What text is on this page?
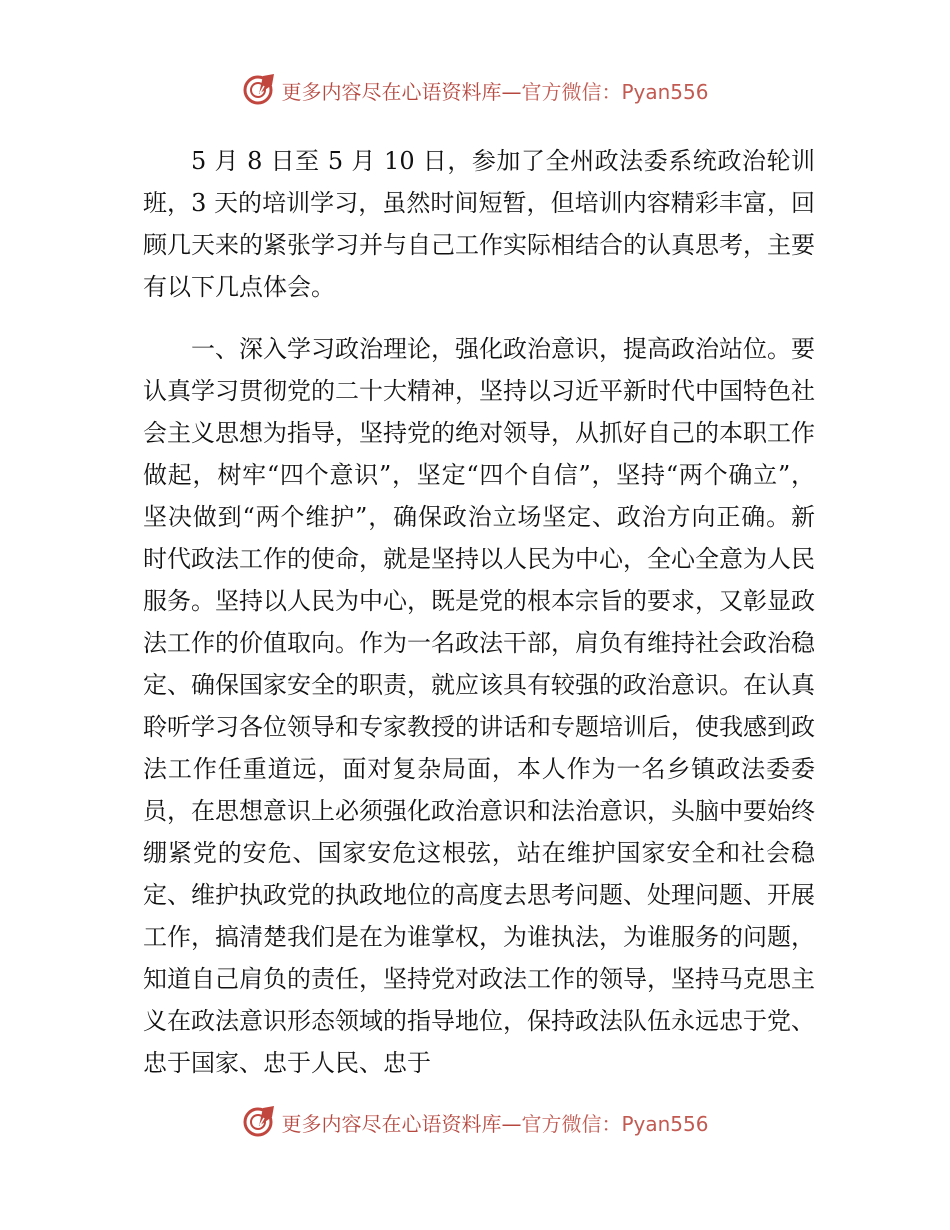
更多内容尽在心语资料库—官方微信：Pyan556

5 月 8 日至 5 月 10 日，参加了全州政法委系统政治轮训班，3 天的培训学习，虽然时间短暂，但培训内容精彩丰富，回顾几天来的紧张学习并与自己工作实际相结合的认真思考，主要有以下几点体会。

一、深入学习政治理论，强化政治意识，提高政治站位。要认真学习贯彻党的二十大精神，坚持以习近平新时代中国特色社会主义思想为指导，坚持党的绝对领导，从抓好自己的本职工作做起，树牢“四个意识”，坚定“四个自信”，坚持“两个确立”，坚决做到“两个维护”，确保政治立场坚定、政治方向正确。新时代政法工作的使命，就是坚持以人民为中心，全心全意为人民服务。坚持以人民为中心，既是党的根本宗旨的要求，又彰显政法工作的价值取向。作为一名政法干部，肩负有维持社会政治稳定、确保国家安全的职责，就应该具有较强的政治意识。在认真聆听学习各位领导和专家教授的讲话和专题培训后，使我感到政法工作任重道远，面对复杂局面，本人作为一名乡镇政法委委员，在思想意识上必须强化政治意识和法治意识，头脑中要始终绷紧党的安危、国家安危这根弦，站在维护国家安全和社会稳定、维护执政党的执政地位的高度去思考问题、处理问题、开展工作，搞清楚我们是在为谁掌权，为谁执法，为谁服务的问题，知道自己肩负的责任，坚持党对政法工作的领导，坚持马克思主义在政法意识形态领域的指导地位，保持政法队伍永远忠于党、忠于国家、忠于人民、忠于

更多内容尽在心语资料库—官方微信：Pyan556
